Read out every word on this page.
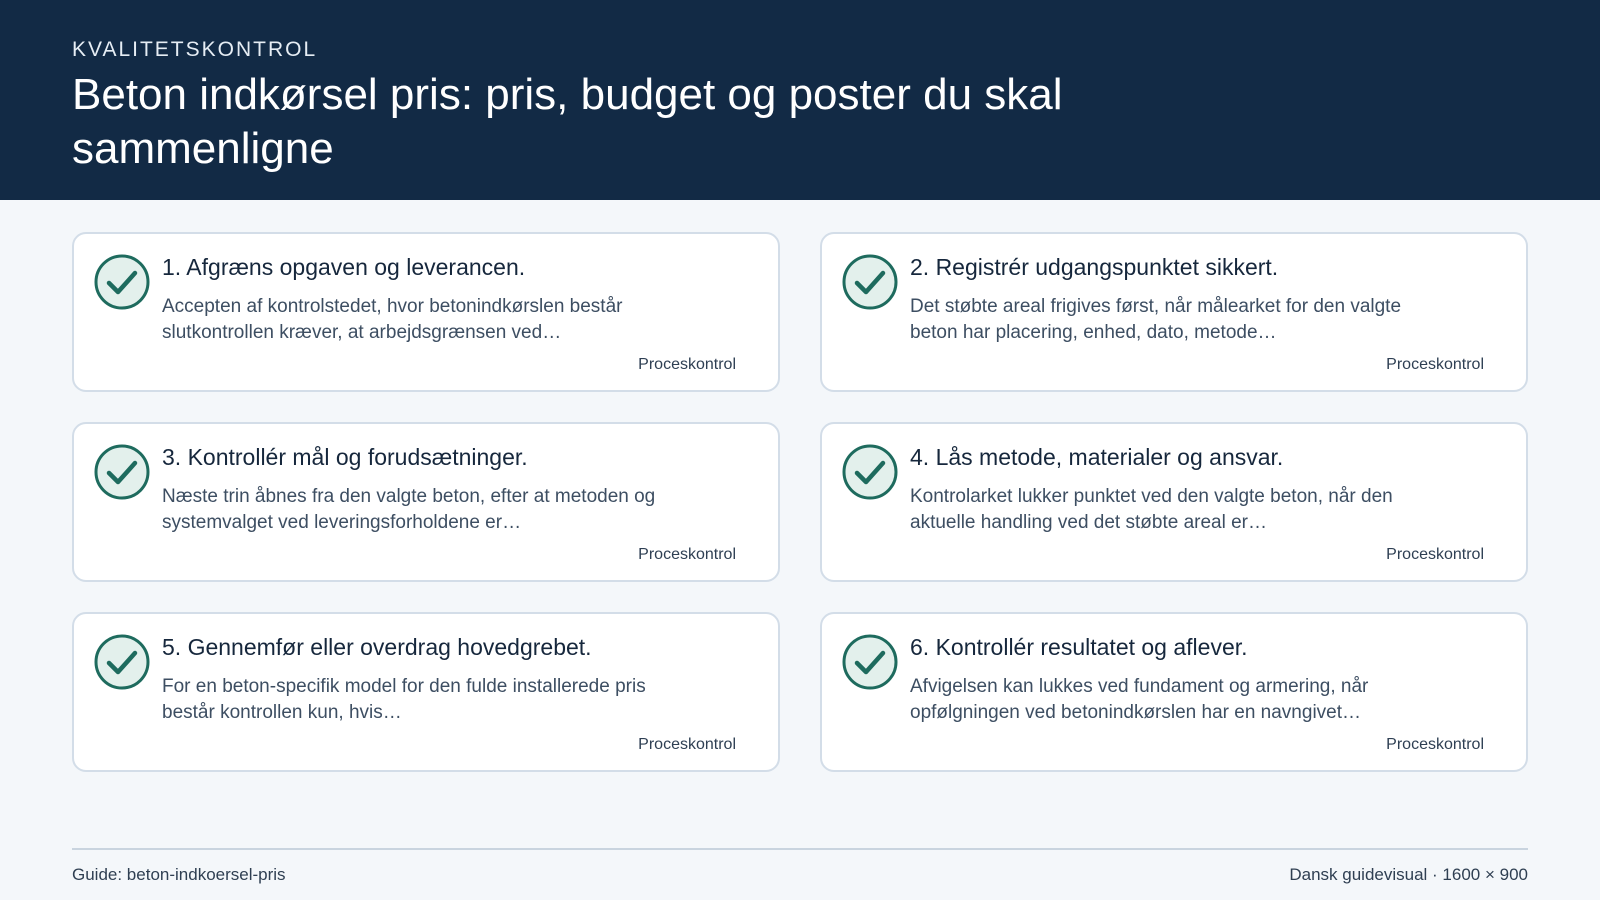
KVALITETSKONTROL
Beton indkørsel pris: pris, budget og poster du skal sammenligne
1. Afgræns opgaven og leverancen.
Accepten af kontrolstedet, hvor betonindkørslen består slutkontrollen kræver, at arbejdsgrænsen ved…
Proceskontrol
2. Registrér udgangspunktet sikkert.
Det støbte areal frigives først, når målearket for den valgte beton har placering, enhed, dato, metode…
Proceskontrol
3. Kontrollér mål og forudsætninger.
Næste trin åbnes fra den valgte beton, efter at metoden og systemvalget ved leveringsforholdene er…
Proceskontrol
4. Lås metode, materialer og ansvar.
Kontrolarket lukker punktet ved den valgte beton, når den aktuelle handling ved det støbte areal er…
Proceskontrol
5. Gennemfør eller overdrag hovedgrebet.
For en beton-specifik model for den fulde installerede pris består kontrollen kun, hvis…
Proceskontrol
6. Kontrollér resultatet og aflever.
Afvigelsen kan lukkes ved fundament og armering, når opfølgningen ved betonindkørslen har en navngivet…
Proceskontrol
Guide: beton-indkoersel-pris	Dansk guidevisual · 1600 × 900
